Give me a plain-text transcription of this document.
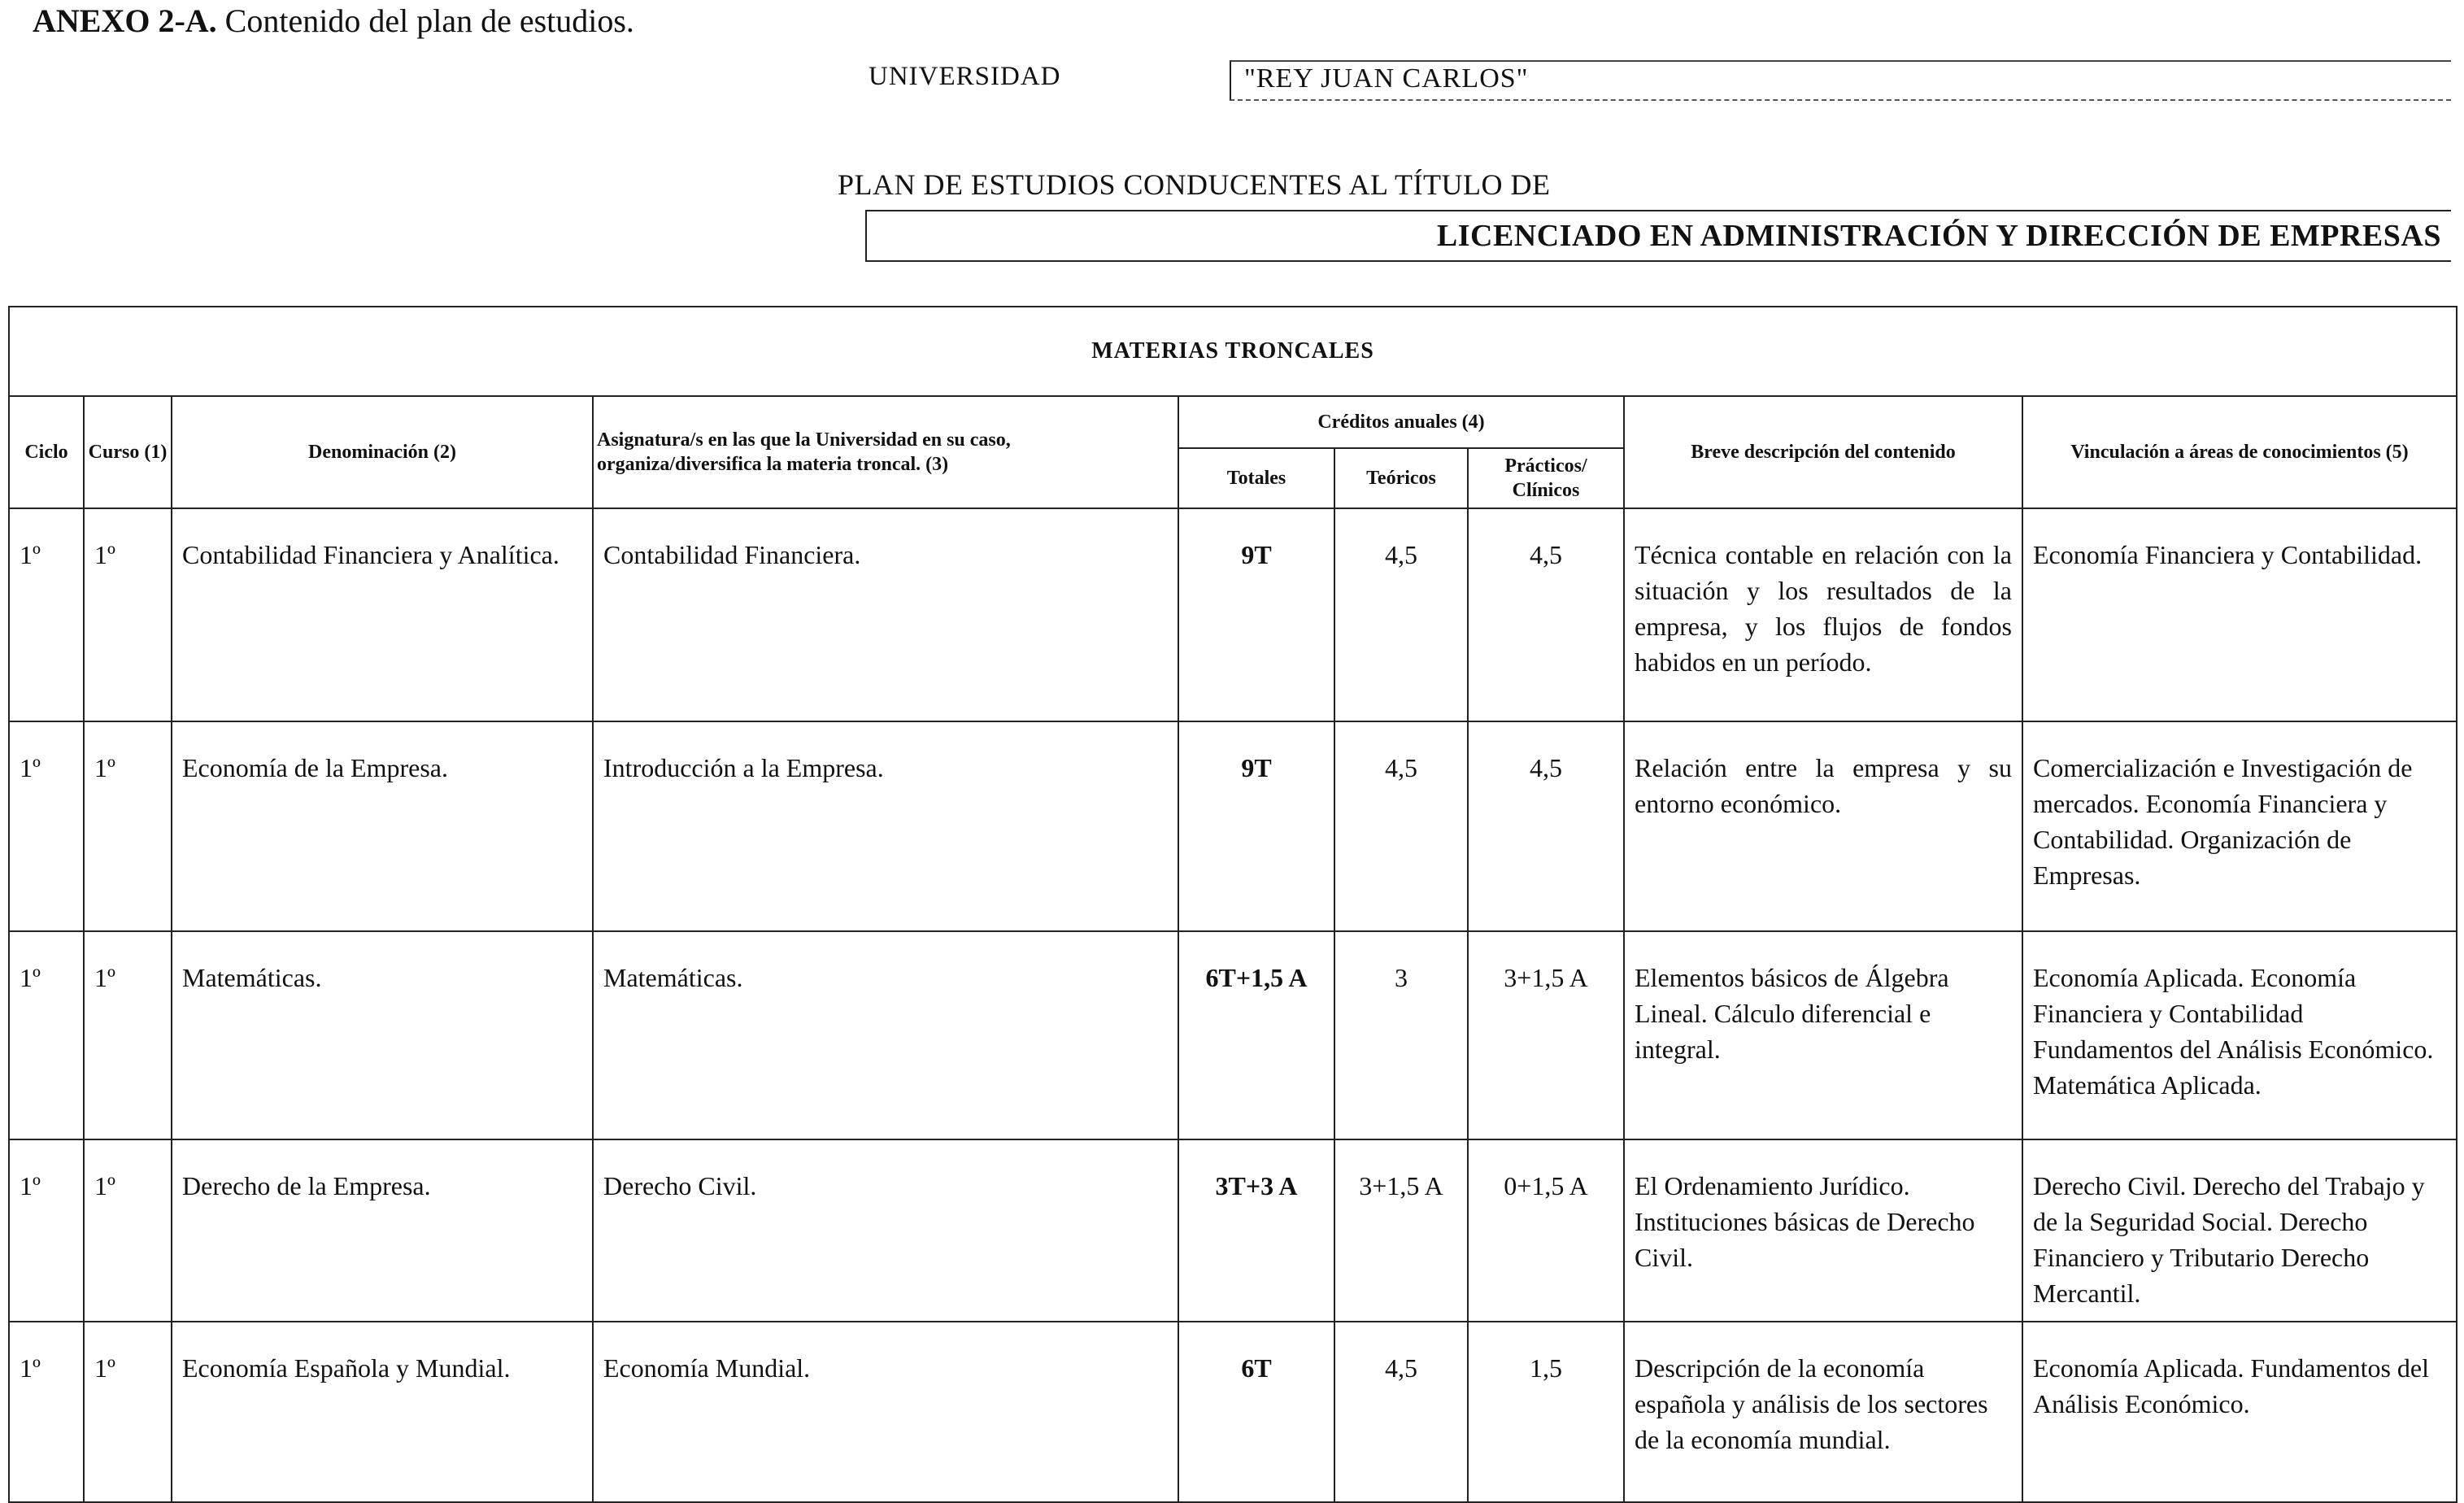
ANEXO 2-A. Contenido del plan de estudios.
UNIVERSIDAD	"REY JUAN CARLOS"
PLAN DE ESTUDIOS CONDUCENTES AL TÍTULO DE
LICENCIADO EN ADMINISTRACIÓN Y DIRECCIÓN DE EMPRESAS
MATERIAS TRONCALES								
Ciclo	Curso (1)	Denominación (2)	Asignatura/s en las que la Universidad en su caso, organiza/diversifica la materia troncal. (3)	Créditos anuales (4)			Breve descripción del contenido	Vinculación a áreas de conocimientos (5)
				Totales	Teóricos	Prácticos/ Clínicos		
1º	1º	Contabilidad Financiera y Analítica.	Contabilidad Financiera.	9T	4,5	4,5	Técnica contable en relación con la situación y los resultados de la empresa, y los flujos de fondos habidos en un período.	Economía Financiera y Contabilidad.
1º	1º	Economía de la Empresa.	Introducción a la Empresa.	9T	4,5	4,5	Relación entre la empresa y su entorno económico.	Comercialización e Investigación de mercados. Economía Financiera y Contabilidad. Organización de Empresas.
1º	1º	Matemáticas.	Matemáticas.	6T+1,5 A	3	3+1,5 A	Elementos básicos de Álgebra Lineal. Cálculo diferencial e integral.	Economía Aplicada. Economía Financiera y Contabilidad Fundamentos del Análisis Económico. Matemática Aplicada.
1º	1º	Derecho de la Empresa.	Derecho Civil.	3T+3 A	3+1,5 A	0+1,5 A	El Ordenamiento Jurídico. Instituciones básicas de Derecho Civil.	Derecho Civil. Derecho del Trabajo y de la Seguridad Social. Derecho Financiero y Tributario Derecho Mercantil.
1º	1º	Economía Española y Mundial.	Economía Mundial.	6T	4,5	1,5	Descripción de la economía española y análisis de los sectores de la economía mundial.	Economía Aplicada. Fundamentos del Análisis Económico.
